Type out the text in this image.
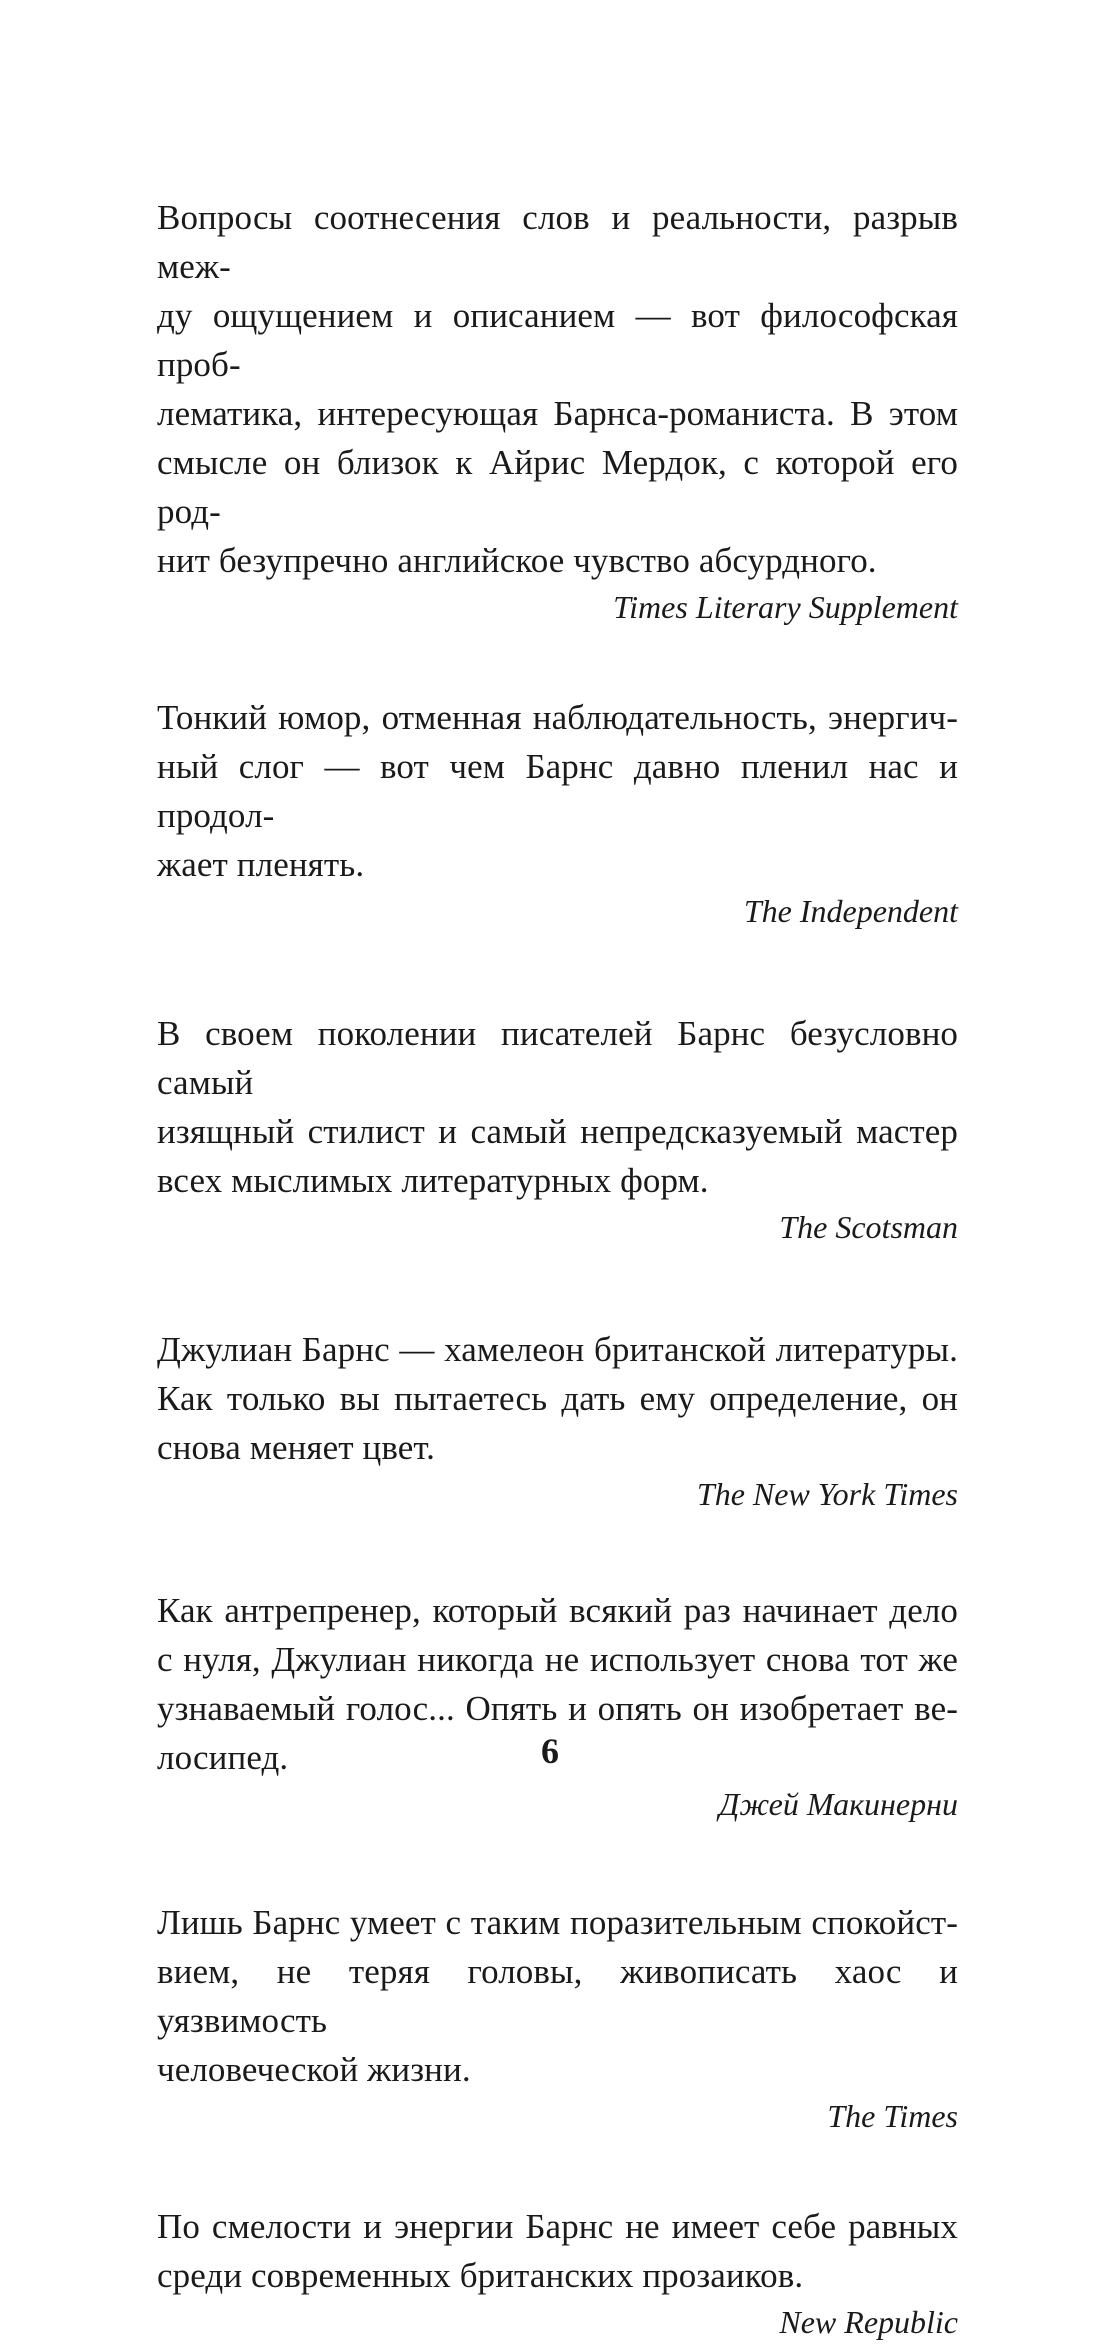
Вопросы соотнесения слов и реальности, разрыв меж-
ду ощущением и описанием — вот философская проб-
лематика, интересующая Барнса-романиста. В этом
смысле он близок к Айрис Мердок, с которой его род-
нит безупречно английское чувство абсурдного.

Times Literary Supplement

Тонкий юмор, отменная наблюдательность, энергич-
ный слог — вот чем Барнс давно пленил нас и продол-
жает пленять.

The Independent

В своем поколении писателей Барнс безусловно самый
изящный стилист и самый непредсказуемый мастер
всех мыслимых литературных форм.

The Scotsman

Джулиан Барнс — хамелеон британской литературы.
Как только вы пытаетесь дать ему определение, он
снова меняет цвет.

The New York Times

Как антрепренер, который всякий раз начинает дело
с нуля, Джулиан никогда не использует снова тот же
узнаваемый голос... Опять и опять он изобретает ве-
лосипед.

Джей Макинерни

Лишь Барнс умеет с таким поразительным спокойст-
вием, не теряя головы, живописать хаос и уязвимость
человеческой жизни.

The Times

По смелости и энергии Барнс не имеет себе равных
среди современных британских прозаиков.

New Republic

6
